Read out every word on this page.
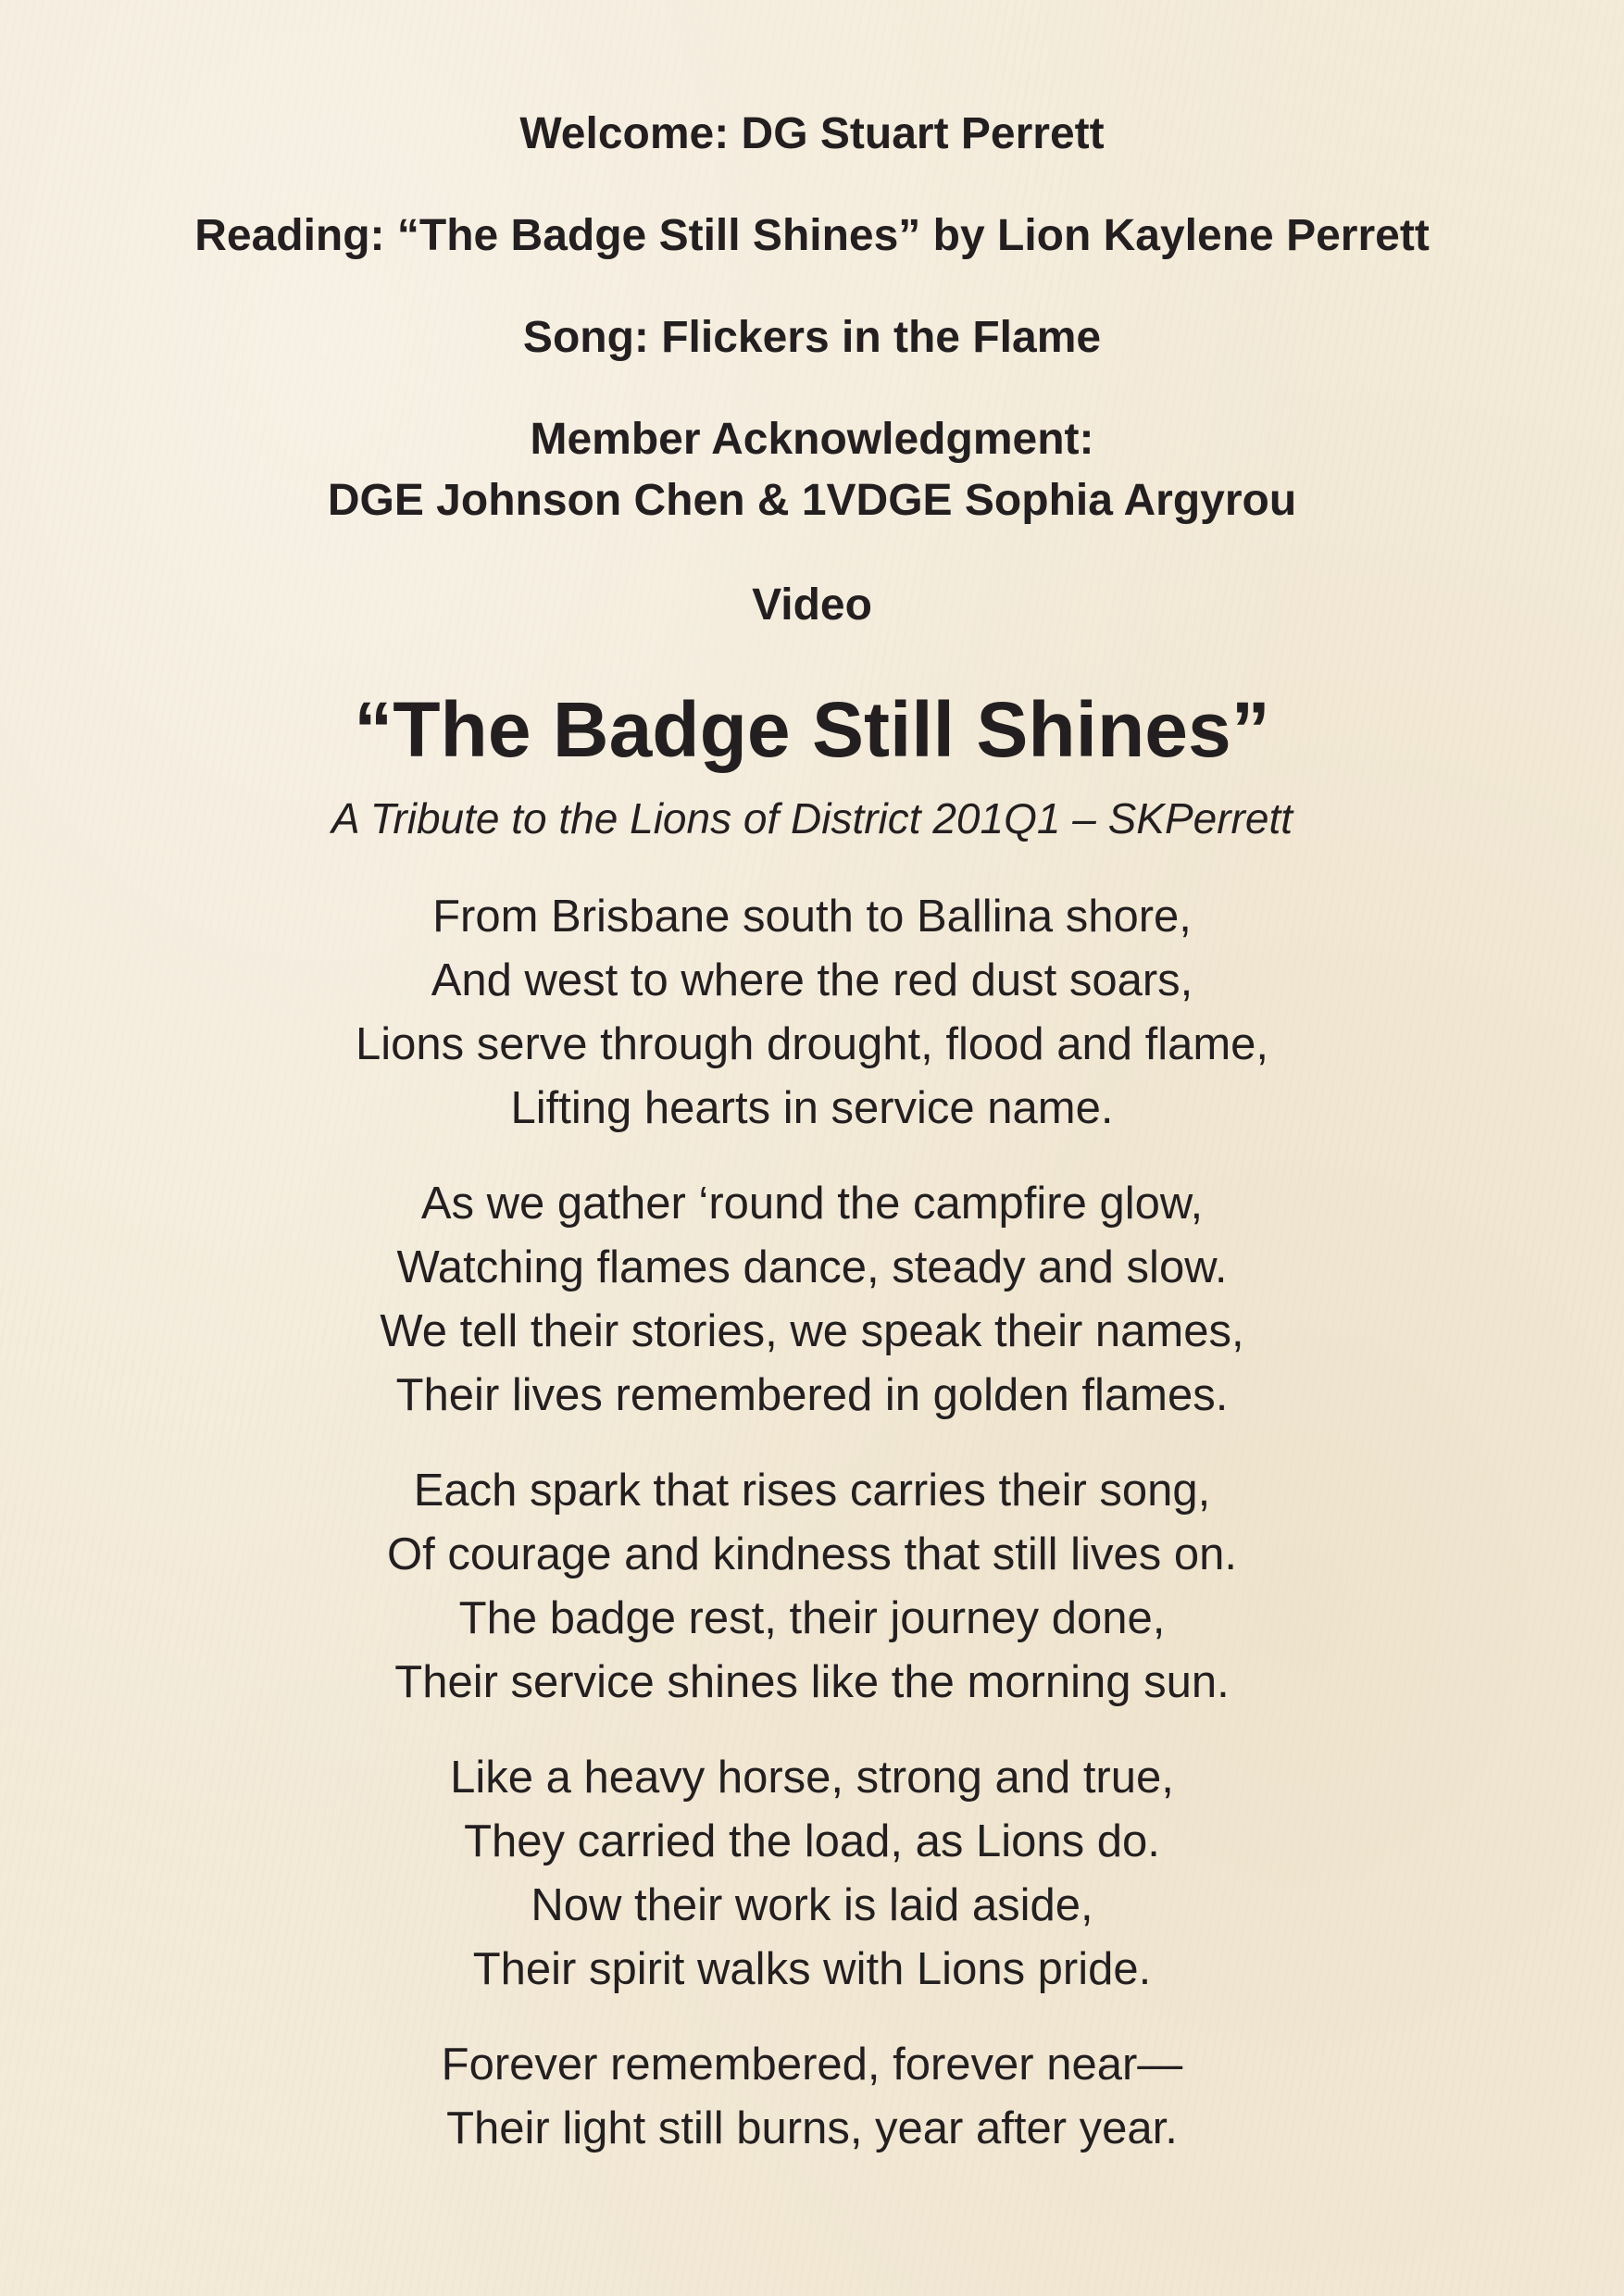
Welcome: DG Stuart Perrett

Reading: “The Badge Still Shines” by Lion Kaylene Perrett

Song: Flickers in the Flame

Member Acknowledgment:
DGE Johnson Chen & 1VDGE Sophia Argyrou

Video

“The Badge Still Shines”

A Tribute to the Lions of District 201Q1 – SKPerrett

From Brisbane south to Ballina shore,
And west to where the red dust soars,
Lions serve through drought, flood and flame,
Lifting hearts in service name.
As we gather ‘round the campfire glow,
Watching flames dance, steady and slow.
We tell their stories, we speak their names,
Their lives remembered in golden flames.
Each spark that rises carries their song,
Of courage and kindness that still lives on.
The badge rest, their journey done,
Their service shines like the morning sun.
Like a heavy horse, strong and true,
They carried the load, as Lions do.
Now their work is laid aside,
Their spirit walks with Lions pride.
Forever remembered, forever near—
Their light still burns, year after year.
